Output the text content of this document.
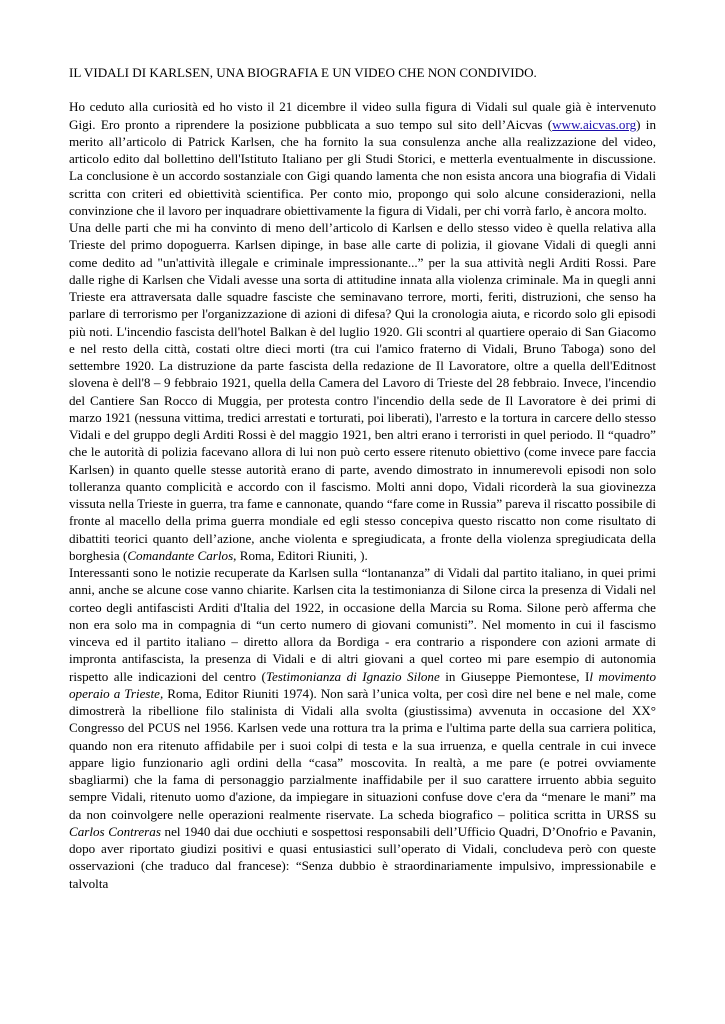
IL VIDALI DI KARLSEN, UNA BIOGRAFIA E UN VIDEO CHE NON CONDIVIDO.

Ho ceduto alla curiosità ed ho visto il 21 dicembre il video sulla figura di Vidali sul quale già è intervenuto Gigi. Ero pronto a riprendere la posizione pubblicata a suo tempo sul sito dell’Aicvas (www.aicvas.org) in merito all’articolo di Patrick Karlsen, che ha fornito la sua consulenza anche alla realizzazione del video, articolo edito dal bollettino dell'Istituto Italiano per gli Studi Storici, e metterla eventualmente in discussione. La conclusione è un accordo sostanziale con Gigi quando lamenta che non esista ancora una biografia di Vidali scritta con criteri ed obiettività scientifica. Per conto mio, propongo qui solo alcune considerazioni, nella convinzione che il lavoro per inquadrare obiettivamente la figura di Vidali, per chi vorrà farlo, è ancora molto.

Una delle parti che mi ha convinto di meno dell’articolo di Karlsen e dello stesso video è quella relativa alla Trieste del primo dopoguerra. Karlsen dipinge, in base alle carte di polizia, il giovane Vidali di quegli anni come dedito ad "un'attività illegale e criminale impressionante...” per la sua attività negli Arditi Rossi. Pare dalle righe di Karlsen che Vidali avesse una sorta di attitudine innata alla violenza criminale. Ma in quegli anni Trieste era attraversata dalle squadre fasciste che seminavano terrore, morti, feriti, distruzioni, che senso ha parlare di terrorismo per l'organizzazione di azioni di difesa? Qui la cronologia aiuta, e ricordo solo gli episodi più noti. L'incendio fascista dell'hotel Balkan è del luglio 1920. Gli scontri al quartiere operaio di San Giacomo e nel resto della città, costati oltre dieci morti (tra cui l'amico fraterno di Vidali, Bruno Taboga) sono del settembre 1920. La distruzione da parte fascista della redazione de Il Lavoratore, oltre a quella dell'Editnost slovena è dell'8 – 9 febbraio 1921, quella della Camera del Lavoro di Trieste del 28 febbraio. Invece, l'incendio del Cantiere San Rocco di Muggia, per protesta contro l'incendio della sede de Il Lavoratore è dei primi di marzo 1921 (nessuna vittima, tredici arrestati e torturati, poi liberati), l'arresto e la tortura in carcere dello stesso Vidali e del gruppo degli Arditi Rossi è del maggio 1921, ben altri erano i terroristi in quel periodo. Il “quadro” che le autorità di polizia facevano allora di lui non può certo essere ritenuto obiettivo (come invece pare faccia Karlsen) in quanto quelle stesse autorità erano di parte, avendo dimostrato in innumerevoli episodi non solo tolleranza quanto complicità e accordo con il fascismo. Molti anni dopo, Vidali ricorderà la sua giovinezza vissuta nella Trieste in guerra, tra fame e cannonate, quando “fare come in Russia” pareva il riscatto possibile di fronte al macello della prima guerra mondiale ed egli stesso concepiva questo riscatto non come risultato di dibattiti teorici quanto dell’azione, anche violenta e spregiudicata, a fronte della violenza spregiudicata della borghesia (Comandante Carlos, Roma, Editori Riuniti, ).

Interessanti sono le notizie recuperate da Karlsen sulla “lontananza” di Vidali dal partito italiano, in quei primi anni, anche se alcune cose vanno chiarite. Karlsen cita la testimonianza di Silone circa la presenza di Vidali nel corteo degli antifascisti Arditi d'Italia del 1922, in occasione della Marcia su Roma. Silone però afferma che non era solo ma in compagnia di “un certo numero di giovani comunisti”. Nel momento in cui il fascismo vinceva ed il partito italiano – diretto allora da Bordiga - era contrario a rispondere con azioni armate di impronta antifascista, la presenza di Vidali e di altri giovani a quel corteo mi pare esempio di autonomia rispetto alle indicazioni del centro (Testimonianza di Ignazio Silone in Giuseppe Piemontese, Il movimento operaio a Trieste, Roma, Editor Riuniti 1974). Non sarà l’unica volta, per così dire nel bene e nel male, come dimostrerà la ribellione filo stalinista di Vidali alla svolta (giustissima) avvenuta in occasione del XX° Congresso del PCUS nel 1956. Karlsen vede una rottura tra la prima e l'ultima parte della sua carriera politica, quando non era ritenuto affidabile per i suoi colpi di testa e la sua irruenza, e quella centrale in cui invece appare ligio funzionario agli ordini della “casa” moscovita. In realtà, a me pare (e potrei ovviamente sbagliarmi) che la fama di personaggio parzialmente inaffidabile per il suo carattere irruento abbia seguito sempre Vidali, ritenuto uomo d'azione, da impiegare in situazioni confuse dove c'era da “menare le mani” ma da non coinvolgere nelle operazioni realmente riservate. La scheda biografico – politica scritta in URSS su Carlos Contreras nel 1940 dai due occhiuti e sospettosi responsabili dell’Ufficio Quadri, D’Onofrio e Pavanin, dopo aver riportato giudizi positivi e quasi entusiastici sull’operato di Vidali, concludeva però con queste osservazioni (che traduco dal francese): “Senza dubbio è straordinariamente impulsivo, impressionabile e talvolta
